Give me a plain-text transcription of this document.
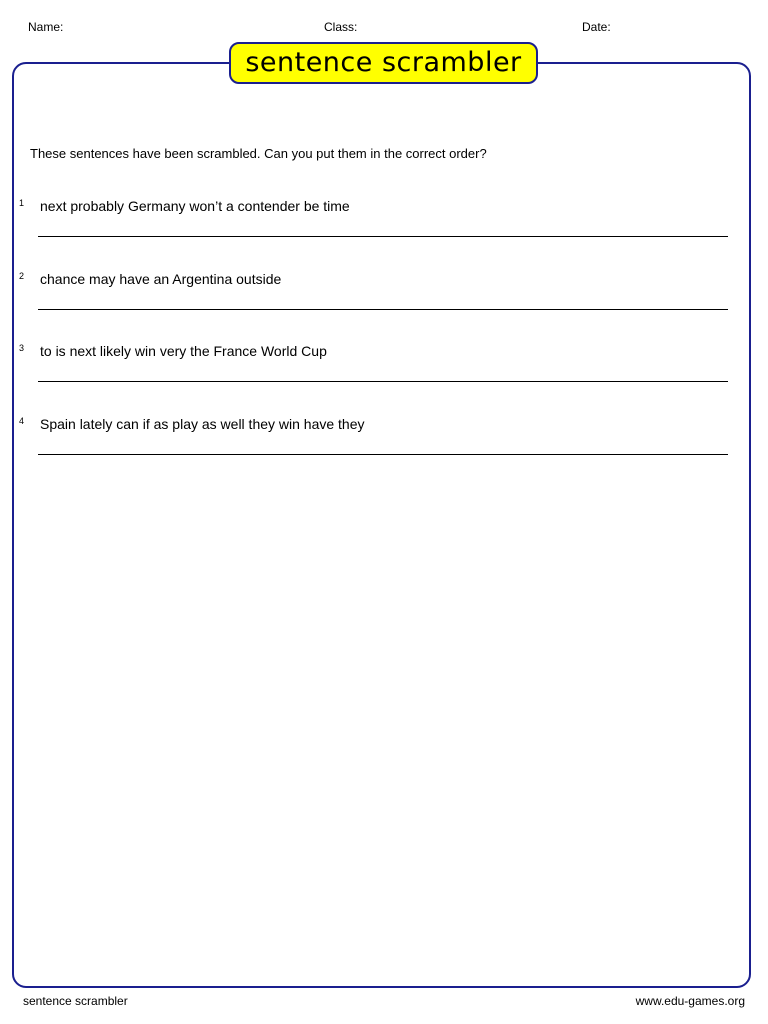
Name:	Class:	Date:
sentence scrambler
These sentences have been scrambled. Can you put them in the correct order?
1 next probably Germany won’t a contender be time
2 chance may have an Argentina outside
3 to is next likely win very the France World Cup
4 Spain lately can if as play as well they win have they
sentence scrambler	www.edu-games.org
